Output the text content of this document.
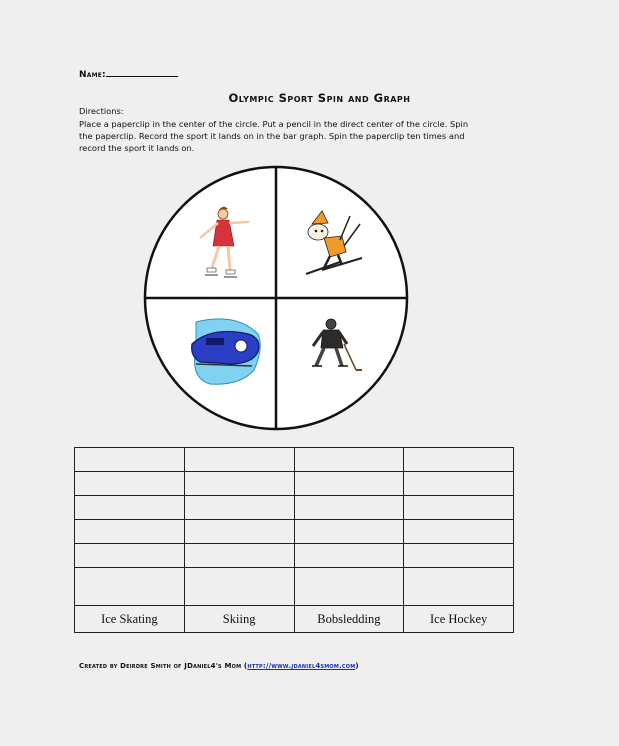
Name:
Olympic Sport Spin and Graph
Directions:
Place a paperclip in the center of the circle. Put a pencil in the direct center of the circle. Spin the paperclip. Record the sport it lands on in the bar graph. Spin the paperclip ten times and record the sport it lands on.

Ice Skating	Skiing	Bobsledding	Ice Hockey
Created by Deirdre Smith of JDaniel4's Mom (http://www.jdaniel4smom.com)
